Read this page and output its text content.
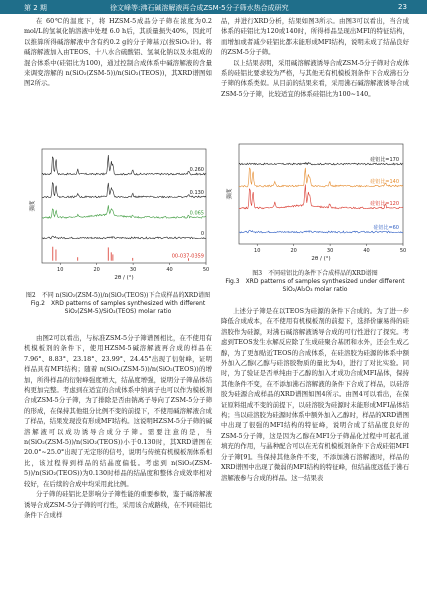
第 2 期	徐文峰等:沸石碱溶解液再合成ZSM-5分子筛水热合成研究	23

在 60℃的温度下，将 HZSM-5成品分子筛在浓度为0.2 mol/L的氢氧化钠溶液中处理 6.0 h后，其质量损失40%，因此可以推算所得碱溶解液中含有约0.2 g的分子筛基元(按SiO₂计)。将碱溶解液加入由TEOS、十八水合硫酸铝、氢氧化钠以及水组成的混合体系中(硅铝比为100)，通过控制合成体系中碱溶解液的含量来调变溶解的 n(SiO₂(ZSM-5))/n(SiO₂(TEOS))，其XRD谱图如图2所示。

0.260
0.130
0.065
0
00-037-0359
10	20	30	40	50
2θ / (°)
强度
图2　不同 n(SiO₂(ZSM-5))/n(SiO₂(TEOS))下合成样品的XRD谱图
Fig.2　XRD patterns of samples synthesized with different SiO₂(ZSM-5)/SiO₂(TEOS) molar ratio

由图2可以看出，与标准ZSM-5分子筛谱图相比，在不使用有机模板剂的条件下，使用HZSM-5碱溶解液再合成的样品在7.96°、8.83°、23.18°、23.99°、24.45°出现了衍射峰，证明样品具有MFI结构；随着 n(SiO₂(ZSM-5))/n(SiO₂(TEOS))的增加，所得样品的衍射峰强度增大，结晶度增强，说明分子筛晶体结构更加完整。考虑到在适宜的合成体系中纳离子也可以作为模板剂合成ZSM-5分子筛，为了排除是否由钠离子导向了ZSM-5分子筛的形成，在保持其他组分比例不变的前提下，不使用碱溶解液合成了样品，结果发现没有形成MFI结构。这说明HZSM-5分子筛的碱溶解液可以成功诱导合成分子筛。需要注意的是，当 n(SiO₂(ZSM-5))/n(SiO₂(TEOS))小于0.130时，其XRD谱图在20.0°~25.0°出现了无定形的信号，说明与传统有机模板剂体系相比，该过程得到样品的结晶度偏低。考虑到 n(SiO₂(ZSM-5))/n(SiO₂(TEOS))为0.130时样品的结晶度和整体合成效率相对较好，在后续的合成中均采用此比例。

分子筛的硅铝比是影响分子筛性能的重要参数，鉴于碱溶解液诱导合成ZSM-5分子筛的可行性，采用该合成路线，在不同硅铝比条件下合成样

品，并进行XRD分析，结果如图3所示。由图3可以看出，当合成体系的硅铝比为120或140时，所得样品呈现出MFI的特征结构，而增加或者减少硅铝比都未能形成MFI结构，说明未成了结晶良好的ZSM-5分子筛。

以上结果表明，采用碱溶解液诱导合成ZSM-5分子筛对合成体系的硅铝比要求较为严格，与其他无有机模板剂条件下合成沸石分子筛的体系类似。从目前的结果来看，采用沸石碱溶解液诱导合成ZSM-5分子筛，比较适宜的体系硅铝比为100~140。

硅铝比=170
硅铝比=140
硅铝比=120
硅铝比=60
10	20	30	40	50
2θ / (°)
强度
图3　不同硅铝比的条件下合成样品的XRD谱图
Fig.3　XRD patterns of samples synthesized under different SiO₂/Al₂O₃ molar ratio

上述分子筛是在以TEOS为硅源的条件下合成的。为了进一步降低合成成本，在不使用有机模板剂的前提下，选择价廉易得的硅溶胶作为硅源，对沸石碱溶解液诱导合成的可行性进行了探究。考虑到TEOS发生水解反应除了生成硅聚合基团和水外，还会生成乙醇，为了更加贴近TEOS的合成体系，在硅溶胶为硅源的体系中额外加入乙醇(乙醇与硅溶胶物质的量比为4)，进行了对比实验。同时，为了验证是否单纯由于乙醇的加入才成功合成MFI晶体，保持其他条件不变，在不添加沸石溶解液的条件下合成了样品，以硅溶胶为硅源合成样品的XRD谱图如图4所示。由图4可以看出，在保证原料组成不变的前提下，以硅溶胶为硅源时未能形成MFI晶体结构；当以硅溶胶为硅源时体系中额外加入乙醇时，样品的XRD谱图中出现了很强的MFI结构的特征峰，说明合成了结晶度良好的ZSM-5分子筛，这是因为乙醇在MFI分子筛晶化过程中可起孔道填充的作用，与晶种配合可以在无有机模板剂条件下合成硅铝MFI分子筛[9]。当保持其他条件不变，不添加沸石溶解液时，样品的XRD谱图中出现了微弱的MFI结构的特征峰，但结晶度远低于沸石溶解液参与合成的样品。这一结果表
